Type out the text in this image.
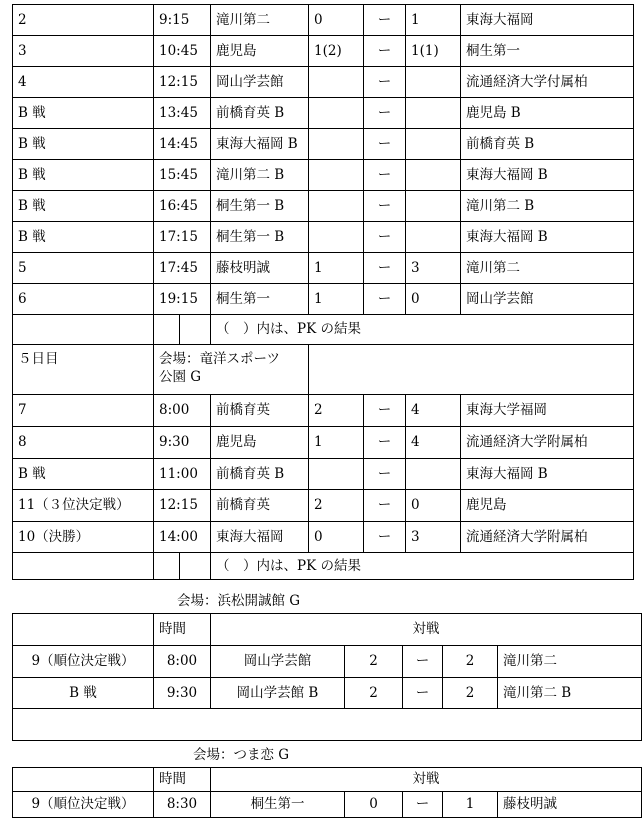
2	9:15		滝川第二	0	ー	1	東海大福岡
3	10:45		鹿児島	1(2)	ー	1(1)	桐生第一
4	12:15		岡山学芸館		ー		流通経済大学付属柏
B 戦	13:45		前橋育英 B		ー		鹿児島 B
B 戦	14:45		東海大福岡 B		ー		前橋育英 B
B 戦	15:45		滝川第二 B		ー		東海大福岡 B
B 戦	16:45		桐生第一 B		ー		滝川第二 B
B 戦	17:15		桐生第一 B		ー		東海大福岡 B
5	17:45		藤枝明誠	1	ー	3	滝川第二
6	19:15		桐生第一	1	ー	0	岡山学芸館
			（　）内は、PK の結果				
５日目	会場：竜洋スポーツ
公園 G						
7	8:00		前橋育英	2	ー	4	東海大学福岡
8	9:30		鹿児島	1	ー	4	流通経済大学附属柏
B 戦	11:00		前橋育英 B		ー		東海大福岡 B
11（３位決定戦）	12:15		前橋育英	2	ー	0	鹿児島
10（決勝）	14:00		東海大福岡	0	ー	3	流通経済大学附属柏
			（　）内は、PK の結果				
会場：浜松開誠館 G
	時間	対戦				
9（順位決定戦）	8:00	岡山学芸館	2	ー	2	滝川第二
B 戦	9:30	岡山学芸館 B	2	ー	2	滝川第二 B

会場：つま恋 G
	時間	対戦				
9（順位決定戦）	8:30	桐生第一	0	ー	1	藤枝明誠
